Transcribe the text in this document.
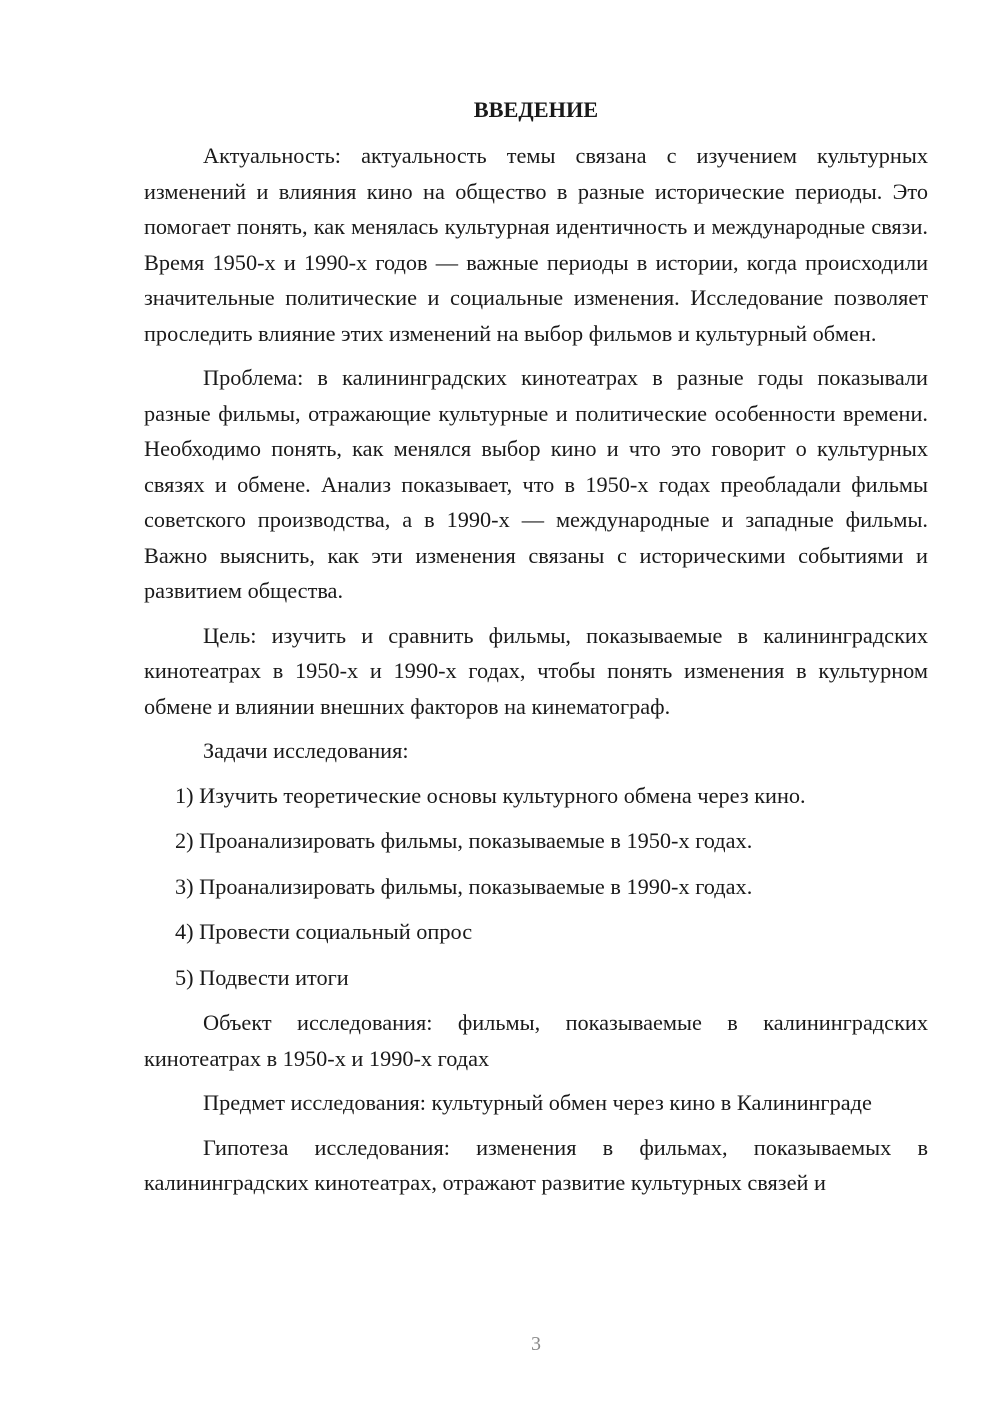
ВВЕДЕНИЕ

Актуальность: актуальность темы связана с изучением культурных изменений и влияния кино на общество в разные исторические периоды. Это помогает понять, как менялась культурная идентичность и международные связи. Время 1950-х и 1990-х годов — важные периоды в истории, когда происходили значительные политические и социальные изменения. Исследование позволяет проследить влияние этих изменений на выбор фильмов и культурный обмен.

Проблема: в калининградских кинотеатрах в разные годы показывали разные фильмы, отражающие культурные и политические особенности времени. Необходимо понять, как менялся выбор кино и что это говорит о культурных связях и обмене. Анализ показывает, что в 1950-х годах преобладали фильмы советского производства, а в 1990-х — международные и западные фильмы. Важно выяснить, как эти изменения связаны с историческими событиями и развитием общества.

Цель: изучить и сравнить фильмы, показываемые в калининградских кинотеатрах в 1950-х и 1990-х годах, чтобы понять изменения в культурном обмене и влиянии внешних факторов на кинематограф.

Задачи исследования:

1) Изучить теоретические основы культурного обмена через кино.
2) Проанализировать фильмы, показываемые в 1950-х годах.
3) Проанализировать фильмы, показываемые в 1990-х годах.
4) Провести социальный опрос
5) Подвести итоги

Объект исследования: фильмы, показываемые в калининградских кинотеатрах в 1950-х и 1990-х годах

Предмет исследования: культурный обмен через кино в Калининграде

Гипотеза исследования: изменения в фильмах, показываемых в калининградских кинотеатрах, отражают развитие культурных связей и

3
